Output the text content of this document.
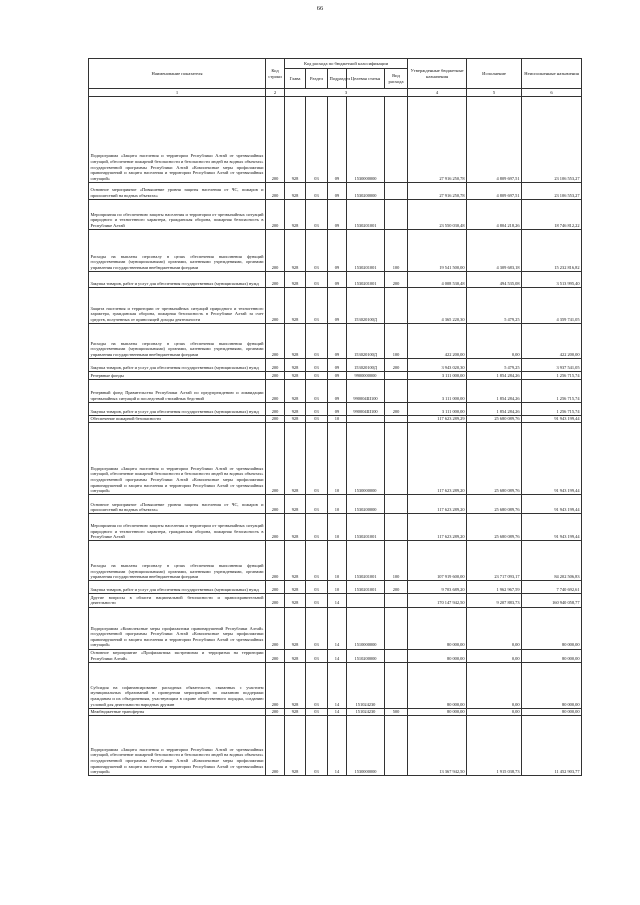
66
Наименование показателя	Код строки	Код расхода по бюджетной классификации					Утвержденные бюджетные назначения	Исполнение	Неисполненные назначения
		Глава	Раздел	Подраздел	Целевая статья	Вид расхода			
1	2	3					4	5	6
Подпрограмма «Защита населения и территории Республики Алтай от чрезвычайных ситуаций, обеспечение пожарной безопасности и безопасности людей на водных объектах» государственной программы Республики Алтай «Комплексные меры профилактики правонарушений и защита населения и территории Республики Алтай от чрезвычайных ситуаций»	200	928	03	09	1530000000		27 916 250,78	4 809 697,51	23 106 553,27
Основное мероприятие «Повышение уровня защиты населения от ЧС, пожаров и происшествий на водных объектах»	200	928	03	09	1530200000		27 916 250,78	4 809 697,51	23 106 553,27
Мероприятия по обеспечению защиты населения и территории от чрезвычайных ситуаций природного и техногенного характера, гражданская оборона, пожарная безопасность в Республике Алтай	200	928	03	09	1530201001		23 550 030,48	4 804 218,26	18 746 812,22
Расходы на выплаты персоналу в целях обеспечения выполнения функций государственными (муниципальными) органами, казенными учреждениями, органами управления государственными внебюджетными фондами	200	928	03	09	1530201001	100	19 541 500,00	4 309 683,18	15 232 816,82
Закупка товаров, работ и услуг для обеспечения государственных (муниципальных) нужд	200	928	03	09	1530201001	200	4 008 530,48	494 535,08	3 513 995,40
Защита населения и территории от чрезвычайных ситуаций природного и техногенного характера, гражданская оборона, пожарная безопасность в Республике Алтай за счет средств, полученных от приносящей доходы деятельности	200	928	03	09	153020100Д		4 365 220,30	5 479,25	4 359 741,05
Расходы на выплаты персоналу в целях обеспечения выполнения функций государственными (муниципальными) органами, казенными учреждениями, органами управления государственными внебюджетными фондами	200	928	03	09	153020100Д	100	422 200,00	0,00	422 200,00
Закупка товаров, работ и услуг для обеспечения государственных (муниципальных) нужд	200	928	03	09	153020100Д	200	3 943 020,30	5 479,25	3 937 541,05
Резервные фонды	200	928	03	09	9900000000		3 111 000,00	1 854 284,26	1 256 715,74
Резервный фонд Правительства Республики Алтай по предупреждению и ликвидации чрезвычайных ситуаций и последствий стихийных бедствий	200	928	03	09	990004Ш100		3 111 000,00	1 854 284,26	1 256 715,74
Закупка товаров, работ и услуг для обеспечения государственных (муниципальных) нужд	200	928	03	09	990004Ш100	200	3 111 000,00	1 854 284,26	1 256 715,74
Обеспечение пожарной безопасности	200	928	03	10			117 623 289,29	25 680 089,76	91 943 199,44
Подпрограмма «Защита населения и территории Республики Алтай от чрезвычайных ситуаций, обеспечение пожарной безопасности и безопасности людей на водных объектах» государственной программы Республики Алтай «Комплексные меры профилактики правонарушений и защита населения и территории Республики Алтай от чрезвычайных ситуаций»	200	928	03	10	1530000000		117 623 289,20	25 680 089,76	91 943 199,44
Основное мероприятие «Повышение уровня защиты населения от ЧС, пожаров и происшествий на водных объектах»	200	928	03	10	1530200000		117 623 289,20	25 680 089,76	91 943 199,44
Мероприятия по обеспечению защиты населения и территории от чрезвычайных ситуаций природного и техногенного характера, гражданская оборона, пожарная безопасность в Республике Алтай	200	928	03	10	1530201001		117 623 289,20	25 680 089,76	91 943 199,44
Расходы на выплаты персоналу в целях обеспечения выполнения функций государственными (муниципальными) органами, казенными учреждениями, органами управления государственными внебюджетными фондами	200	928	03	10	1530201001	100	107 919 600,00	23 717 093,17	84 202 506,83
Закупка товаров, работ и услуг для обеспечения государственных (муниципальных) нужд	200	928	03	10	1530201001	200	9 703 689,20	1 962 967,59	7 740 692,61
Другие вопросы в области национальной безопасности и правоохранительной деятельности	200	928	03	14			170 147 942,50	9 207 883,73	160 940 058,77
Подпрограмма «Комплексные меры профилактики правонарушений Республики Алтай» государственной программы Республики Алтай «Комплексные меры профилактики правонарушений и защита населения и территории Республики Алтай от чрезвычайных ситуаций»	200	928	03	14	1510000000		80 000,00	0,00	80 000,00
Основное мероприятие «Профилактика экстремизма и терроризма на территории Республики Алтай»	200	928	03	14	1510200000		80 000,00	0,00	80 000,00
Субсидия на софинансирование расходных обязательств, связанных с участием муниципальных образований в проведении мероприятий по оказанию поддержки гражданам и их объединениям, участвующим в охране общественного порядка, созданию условий для деятельности народных дружин	200	928	03	14	151024230		80 000,00	0,00	80 000,00
Межбюджетные трансферты	200	928	03	14	151024230	500	80 000,00	0,00	80 000,00
Подпрограмма «Защита населения и территории Республики Алтай от чрезвычайных ситуаций, обеспечение пожарной безопасности и безопасности людей на водных объектах» государственной программы Республики Алтай «Комплексные меры профилактики правонарушений и защита населения и территории Республики Алтай от чрезвычайных ситуаций»	200	928	03	14	1530000000		13 367 942,50	1 915 038,73	11 452 903,77
